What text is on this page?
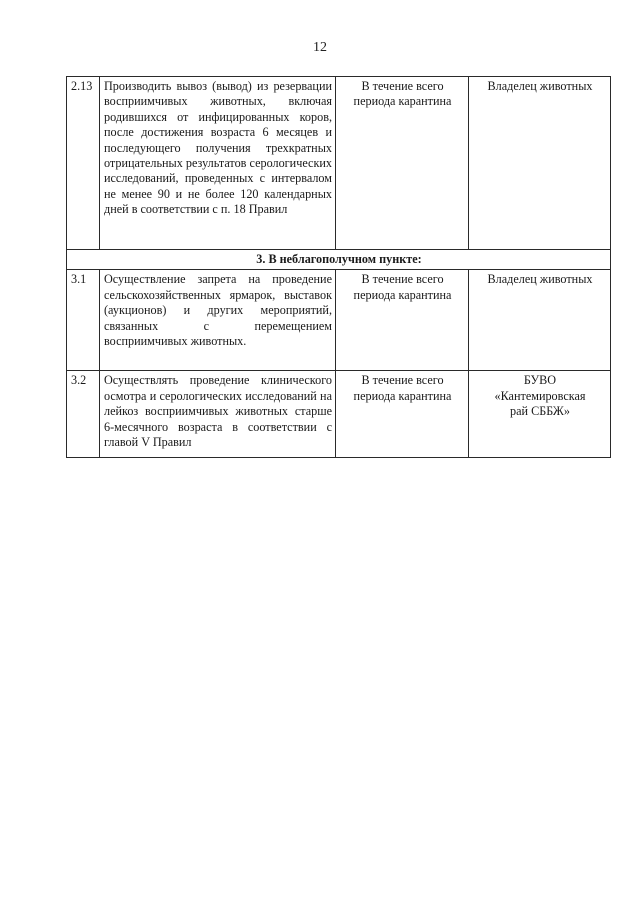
12
2.13	Производить вывоз (вывод) из резервации восприимчивых животных, включая родившихся от инфицированных коров, после достижения возраста 6 месяцев и последующего получения трехкратных отрицательных результатов серологических исследований, проведенных с интервалом не менее 90 и не более 120 календарных дней в соответствии с п. 18 Правил	В течение всего периода карантина	Владелец животных
3. В неблагополучном пункте:			
3.1	Осуществление запрета на проведение сельскохозяйственных ярмарок, выставок (аукционов) и других мероприятий, связанных с перемещением восприимчивых животных.	В течение всего периода карантина	Владелец животных
3.2	Осуществлять проведение клинического осмотра и серологических исследований на лейкоз восприимчивых животных старше 6-месячного возраста в соответствии с главой V Правил	В течение всего периода карантина	БУВО
«Кантемировская
рай СББЖ»
